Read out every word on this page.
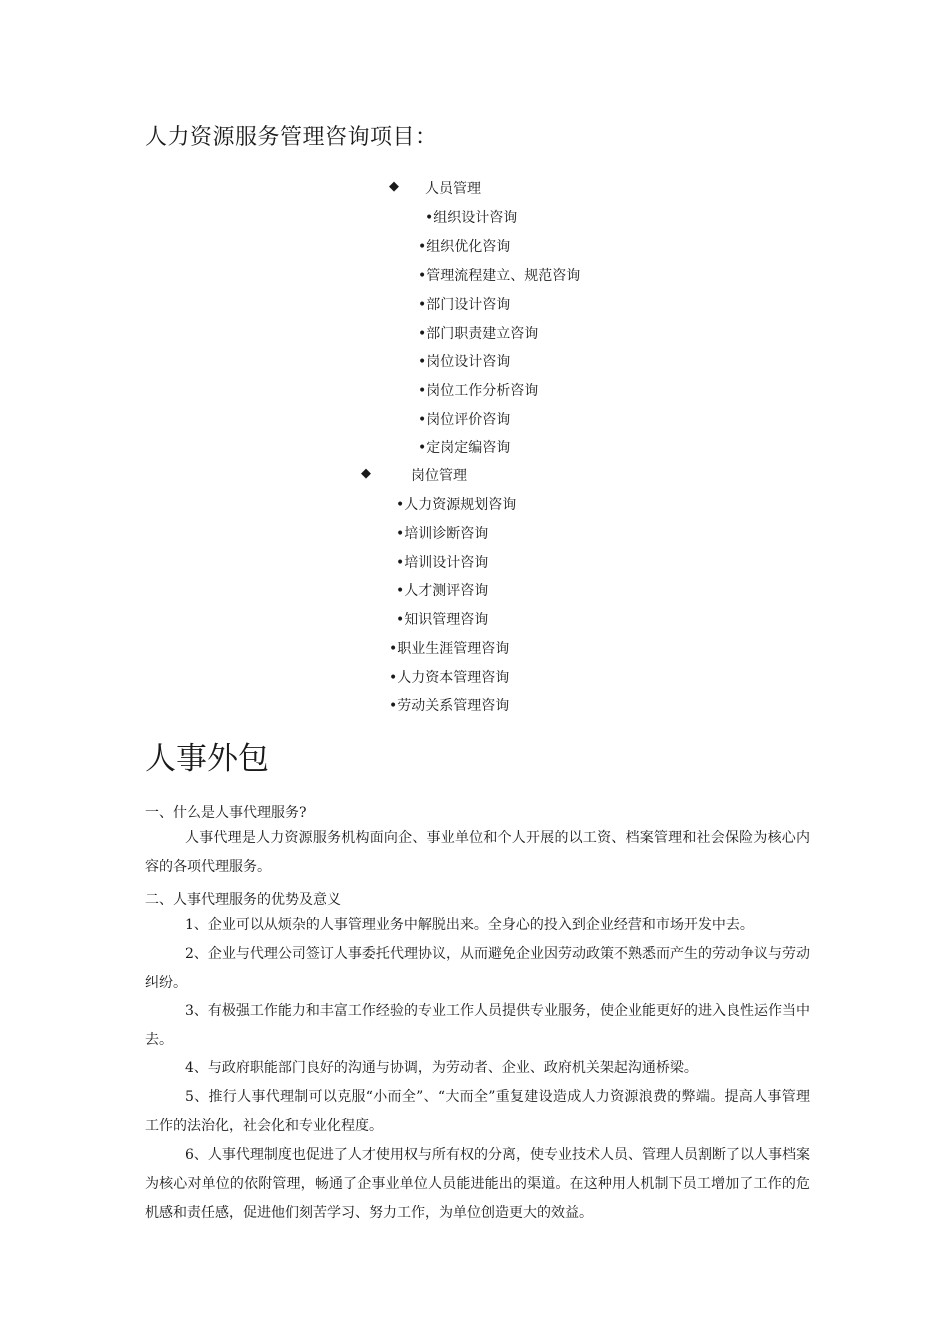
人力资源服务管理咨询项目：
◆ 人员管理
•组织设计咨询
•组织优化咨询
•管理流程建立、规范咨询
•部门设计咨询
•部门职责建立咨询
•岗位设计咨询
•岗位工作分析咨询
•岗位评价咨询
•定岗定编咨询
◆	岗位管理
•人力资源规划咨询
•培训诊断咨询
•培训设计咨询
•人才测评咨询
•知识管理咨询
•职业生涯管理咨询
•人力资本管理咨询
•劳动关系管理咨询
人事外包
一、什么是人事代理服务?
人事代理是人力资源服务机构面向企、事业单位和个人开展的以工资、档案管理和社会保险为核心内容的各项代理服务。
二、人事代理服务的优势及意义
1、企业可以从烦杂的人事管理业务中解脱出来。全身心的投入到企业经营和市场开发中去。
2、企业与代理公司签订人事委托代理协议，从而避免企业因劳动政策不熟悉而产生的劳动争议与劳动纠纷。
3、有极强工作能力和丰富工作经验的专业工作人员提供专业服务，使企业能更好的进入良性运作当中去。
4、与政府职能部门良好的沟通与协调，为劳动者、企业、政府机关架起沟通桥梁。
5、推行人事代理制可以克服“小而全”、“大而全”重复建设造成人力资源浪费的弊端。提高人事管理工作的法治化，社会化和专业化程度。
6、人事代理制度也促进了人才使用权与所有权的分离，使专业技术人员、管理人员割断了以人事档案为核心对单位的依附管理，畅通了企事业单位人员能进能出的渠道。在这种用人机制下员工增加了工作的危机感和责任感，促进他们刻苦学习、努力工作，为单位创造更大的效益。
